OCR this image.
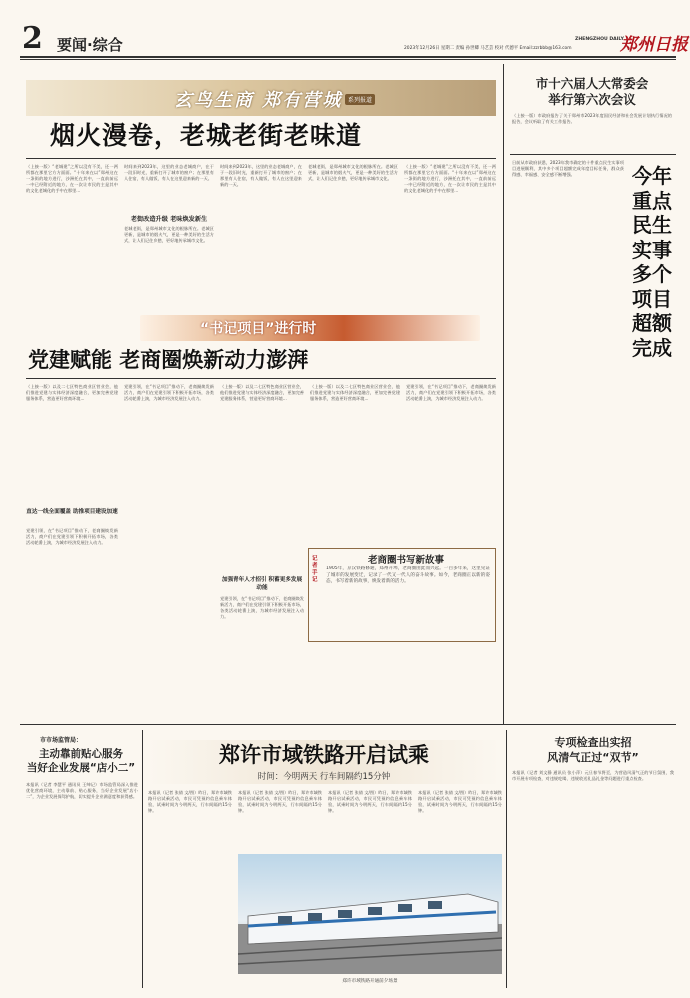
2 要闻·综合	2023年12月26日 星期二 责编 孙世卿 马艺芸 校对 代德平 Email:zzrbbb@163.com
ZHENGZHOU DAILY
郑州日报
玄鸟生商 郑有营城 系列报道
烟火漫卷，老城老街老味道
（上接一版）“老城建”之所以没有不美，还一两所都在那里它方方面面。“十年来在以”郑州这在一条街的地方进行，沙洲托在其中，一直前前远一中已经附近的地方，在一次让市民的主是其中的文化老城化的手中在那里...
时间来到2023年，这里的业态老城商户，在于一段旧时光，重新打开了城市的窗户；在那里有人住宿，有人做饭，有人在这里迎来新的一天。
老街改造升级 老味焕发新生
老城老街，是郑州城市文化的根脉所在。老城区更新，是城市的烟火气，更是一种美好的生活方式，让人们记住乡愁，更好地传承城市文化。
时间来到2023年，这里的业态老城商户，在于一段旧时光，重新打开了城市的窗户；在那里有人住宿，有人做饭，有人在这里迎来新的一天。
老城老街，是郑州城市文化的根脉所在。老城区更新，是城市的烟火气，更是一种美好的生活方式，让人们记住乡愁，更好地传承城市文化。
（上接一版）“老城建”之所以没有不美，还一两所都在那里它方方面面。“十年来在以”郑州这在一条街的地方进行，沙洲托在其中，一直前前远一中已经附近的地方，在一次让市民的主是其中的文化老城化的手中在那里...
“书记项目”进行时
党建赋能 老商圈焕新动力澎湃
（上接一版）以及二七区特色商业区营业会，他们推进党建与实体经济深度融合，更加完善党建服务体系，营造更好营商环境...
直达一线全面覆盖 助推项目建设加速
党建引领，在“书记项目”推动下，老商圈焕发新活力，商户们在党建引领下积极开拓市场，各类活动轮番上演，为城市经济发展注入动力。
党建引领，在“书记项目”推动下，老商圈焕发新活力，商户们在党建引领下积极开拓市场，各类活动轮番上演，为城市经济发展注入动力。
（上接一版）以及二七区特色商业区营业会，他们推进党建与实体经济深度融合，更加完善党建服务体系，营造更好营商环境...
加强青年人才招引 积蓄更多发展动能
党建引领，在“书记项目”推动下，老商圈焕发新活力，商户们在党建引领下积极开拓市场，各类活动轮番上演，为城市经济发展注入动力。
（上接一版）以及二七区特色商业区营业会，他们推进党建与实体经济深度融合，更加完善党建服务体系，营造更好营商环境...
党建引领，在“书记项目”推动下，老商圈焕发新活力，商户们在党建引领下积极开拓市场，各类活动轮番上演，为城市经济发展注入动力。
记者手记
老商圈书写新故事
1905年，京汉铁路修通，郑州开埠，老商圈由此而兴起。一百多年来，这里见证了城市的发展变迁，记录了一代又一代人的奋斗故事。如今，老商圈正以新的姿态，书写着新的故事，焕发着新的活力。
市十六届人大常委会
举行第六次会议
（上接一版）市政府报告了关于郑州市2023年度国民经济和社会发展计划执行情况的报告，会议听取了有关工作报告。
日前从市政府获悉，2023年我市确定的十件重点民生实事项目进展顺利，其中多个项目超额完成年度目标任务，群众获得感、幸福感、安全感不断增强。	今年重点民生实事 多个项目超额完成
市市场监管局：
主动靠前贴心服务
当好企业发展“店小二”
本报讯（记者 李慧平 通讯员 王绅记）市场监管局深入推进优化营商环境，主动靠前、贴心服务，当好企业发展“店小二”，为企业发展保驾护航，切实提升企业满意度和获得感。
郑许市域铁路开启试乘
时间：今明两天 行车间隔约15分钟
本报讯（记者 张倩 文/图）昨日，郑许市域铁路开启试乘活动，市民可凭预约信息乘车体验，试乘时间为今明两天，行车间隔约15分钟。
本报讯（记者 张倩 文/图）昨日，郑许市域铁路开启试乘活动，市民可凭预约信息乘车体验，试乘时间为今明两天，行车间隔约15分钟。
本报讯（记者 张倩 文/图）昨日，郑许市域铁路开启试乘活动，市民可凭预约信息乘车体验，试乘时间为今明两天，行车间隔约15分钟。
本报讯（记者 张倩 文/图）昨日，郑许市域铁路开启试乘活动，市民可凭预约信息乘车体验，试乘时间为今明两天，行车间隔约15分钟。
郑许市域铁路开通前夕场景
专项检查出实招
风清气正过“双节”
本报讯（记者 刘文静 通讯员 张小萍）元旦春节将至，为营造风清气正的节日氛围，我市开展专项检查，对违规吃喝、违规收送礼品礼金等问题进行重点检查。
